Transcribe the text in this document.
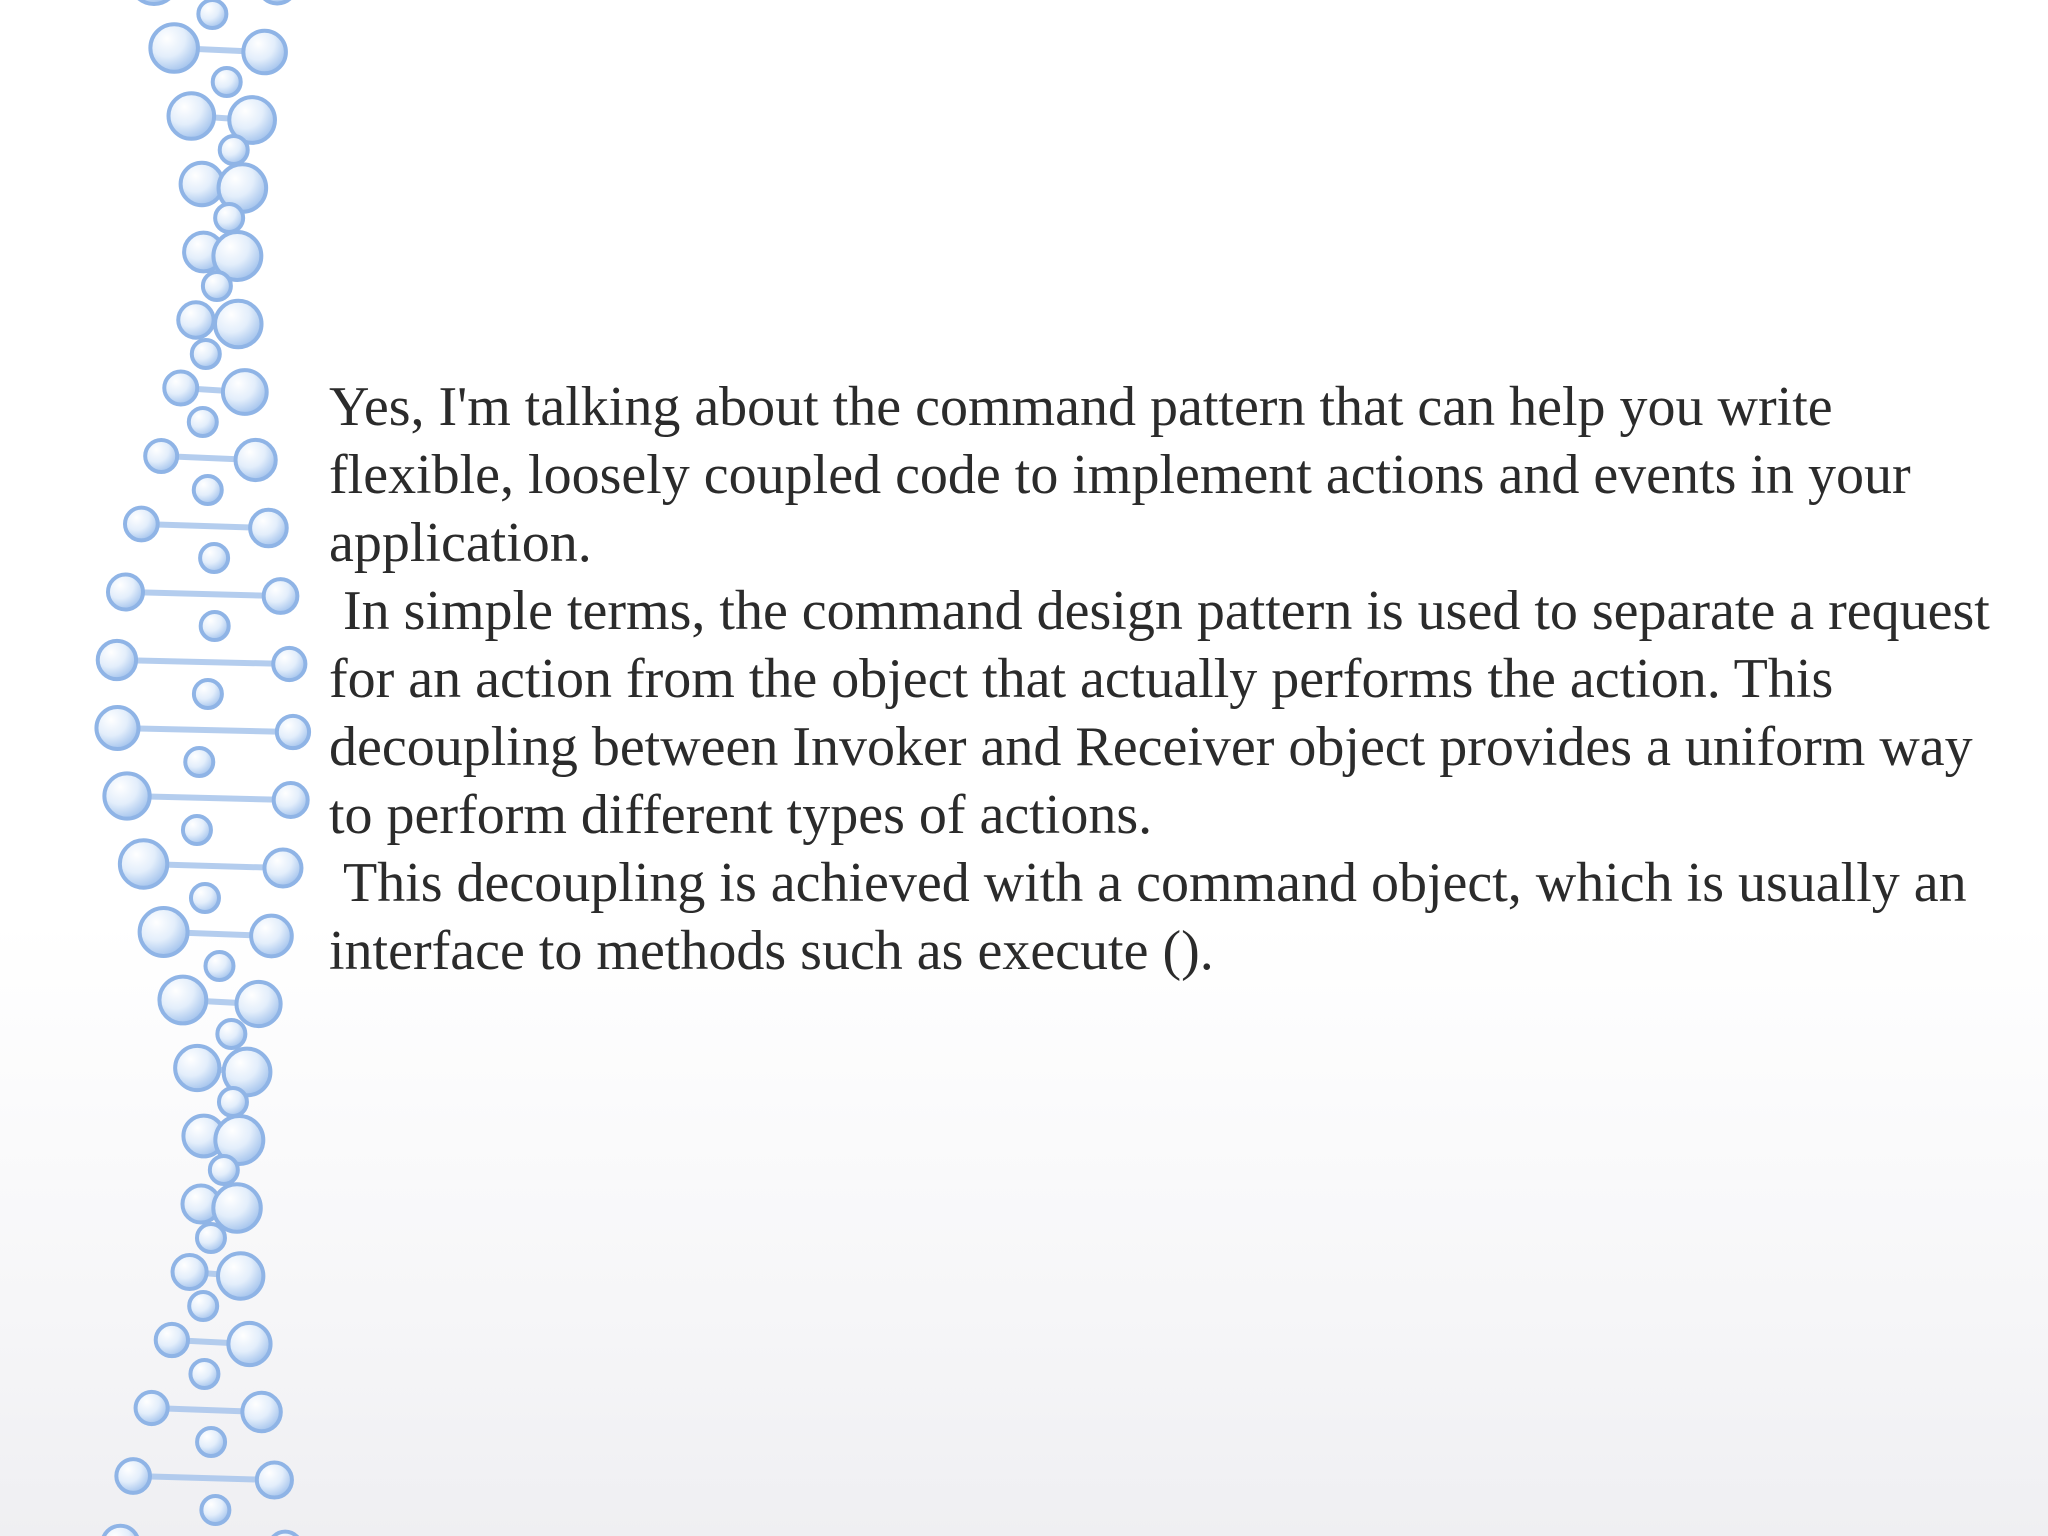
Yes, I'm talking about the command pattern that can help you write flexible, loosely coupled code to implement actions and events in your application.

In simple terms, the command design pattern is used to separate a request for an action from the object that actually performs the action. This decoupling between Invoker and Receiver object provides a uniform way to perform different types of actions.

This decoupling is achieved with a command object, which is usually an interface to methods such as execute ().
